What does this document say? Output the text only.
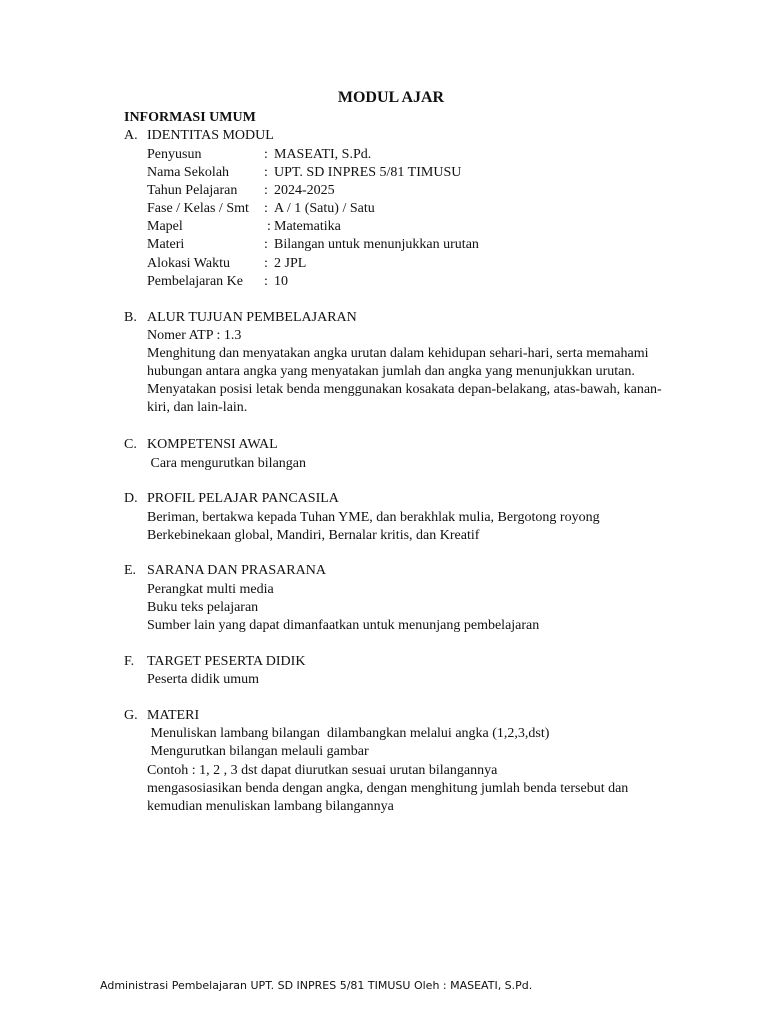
MODUL AJAR
INFORMASI UMUM
A. IDENTITAS MODUL
Penyusun	: MASEATI, S.Pd.
Nama Sekolah : UPT. SD INPRES 5/81 TIMUSU
Tahun Pelajaran : 2024-2025
Fase / Kelas / Smt : A / 1 (Satu) / Satu
Mapel	: Matematika
Materi	: Bilangan untuk menunjukkan urutan
Alokasi Waktu : 2 JPL
Pembelajaran Ke : 10
B. ALUR TUJUAN PEMBELAJARAN
Nomer ATP : 1.3
Menghitung dan menyatakan angka urutan dalam kehidupan sehari-hari, serta memahami
hubungan antara angka yang menyatakan jumlah dan angka yang menunjukkan urutan.
Menyatakan posisi letak benda menggunakan kosakata depan-belakang, atas-bawah, kanan-
kiri, dan lain-lain.
C. KOMPETENSI AWAL
Cara mengurutkan bilangan
D. PROFIL PELAJAR PANCASILA
Beriman, bertakwa kepada Tuhan YME, dan berakhlak mulia, Bergotong royong
Berkebinekaan global, Mandiri, Bernalar kritis, dan Kreatif
E. SARANA DAN PRASARANA
Perangkat multi media
Buku teks pelajaran
Sumber lain yang dapat dimanfaatkan untuk menunjang pembelajaran
F. TARGET PESERTA DIDIK
Peserta didik umum
G. MATERI
Menuliskan lambang bilangan  dilambangkan melalui angka (1,2,3,dst)
Mengurutkan bilangan melauli gambar
Contoh : 1, 2 , 3 dst dapat diurutkan sesuai urutan bilangannya
mengasosiasikan benda dengan angka, dengan menghitung jumlah benda tersebut dan
kemudian menuliskan lambang bilangannya
Administrasi Pembelajaran UPT. SD INPRES 5/81 TIMUSU Oleh : MASEATI, S.Pd.
